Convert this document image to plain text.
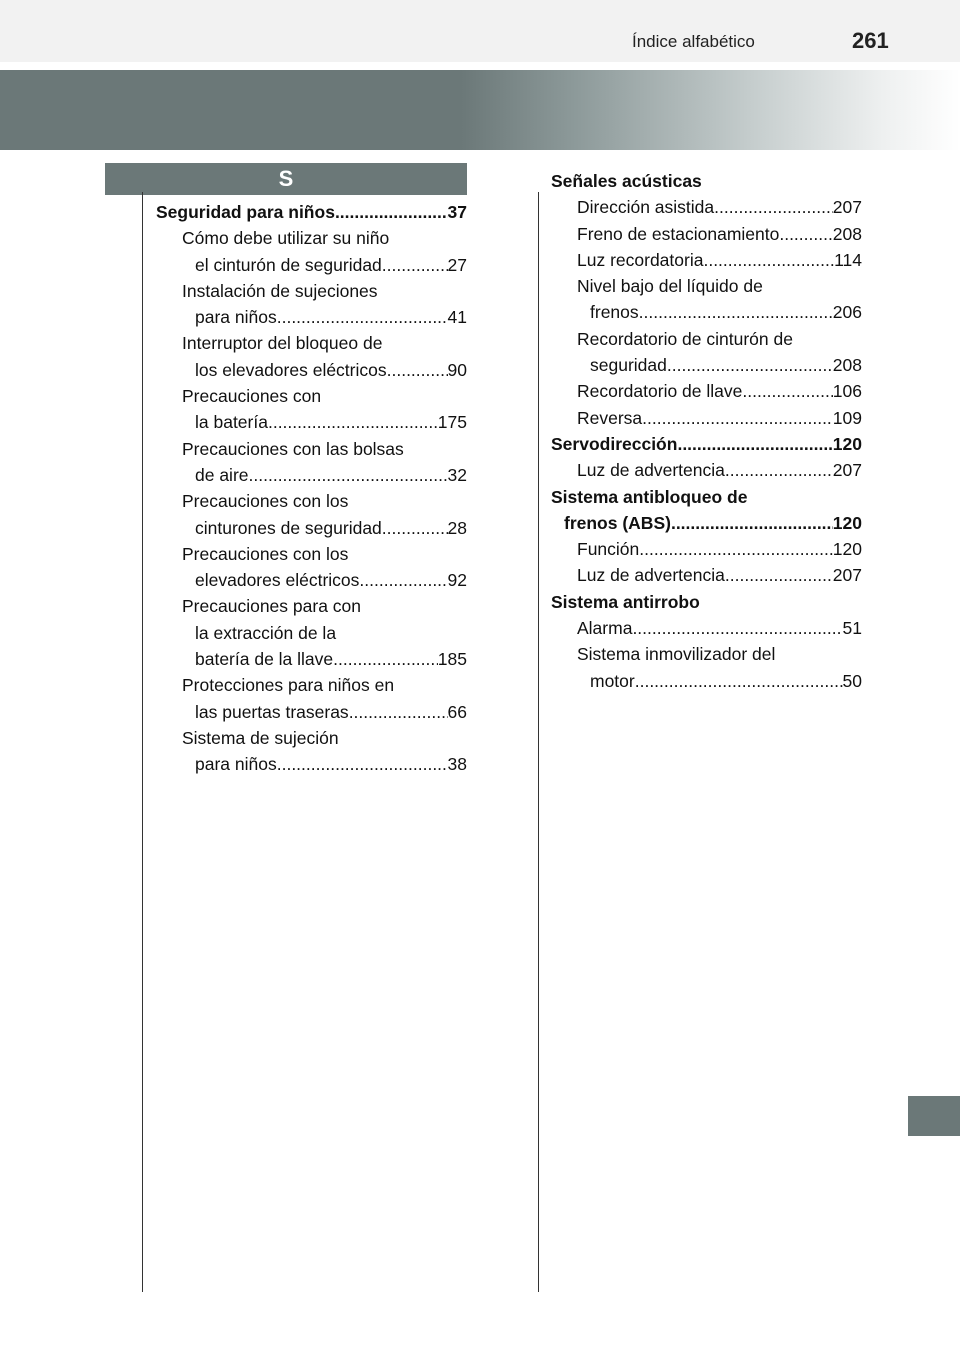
Índice alfabético	261
S
Seguridad para niños .....	37
Cómo debe utilizar su niño
el cinturón de seguridad .....	27
Instalación de sujeciones
para niños .....	41
Interruptor del bloqueo de
los elevadores eléctricos .....	90
Precauciones con
la batería .....	175
Precauciones con las bolsas
de aire .....	32
Precauciones con los
cinturones de seguridad .....	28
Precauciones con los
elevadores eléctricos .....	92
Precauciones para con
la extracción de la
batería de la llave .....	185
Protecciones para niños en
las puertas traseras .....	66
Sistema de sujeción
para niños .....	38
Señales acústicas
Dirección asistida .....	207
Freno de estacionamiento .....	208
Luz recordatoria .....	114
Nivel bajo del líquido de
frenos .....	206
Recordatorio de cinturón de
seguridad .....	208
Recordatorio de llave .....	106
Reversa .....	109
Servodirección .....	120
Luz de advertencia .....	207
Sistema antibloqueo de
frenos (ABS) .....	120
Función .....	120
Luz de advertencia .....	207
Sistema antirrobo
Alarma .....	51
Sistema inmovilizador del
motor .....	50
